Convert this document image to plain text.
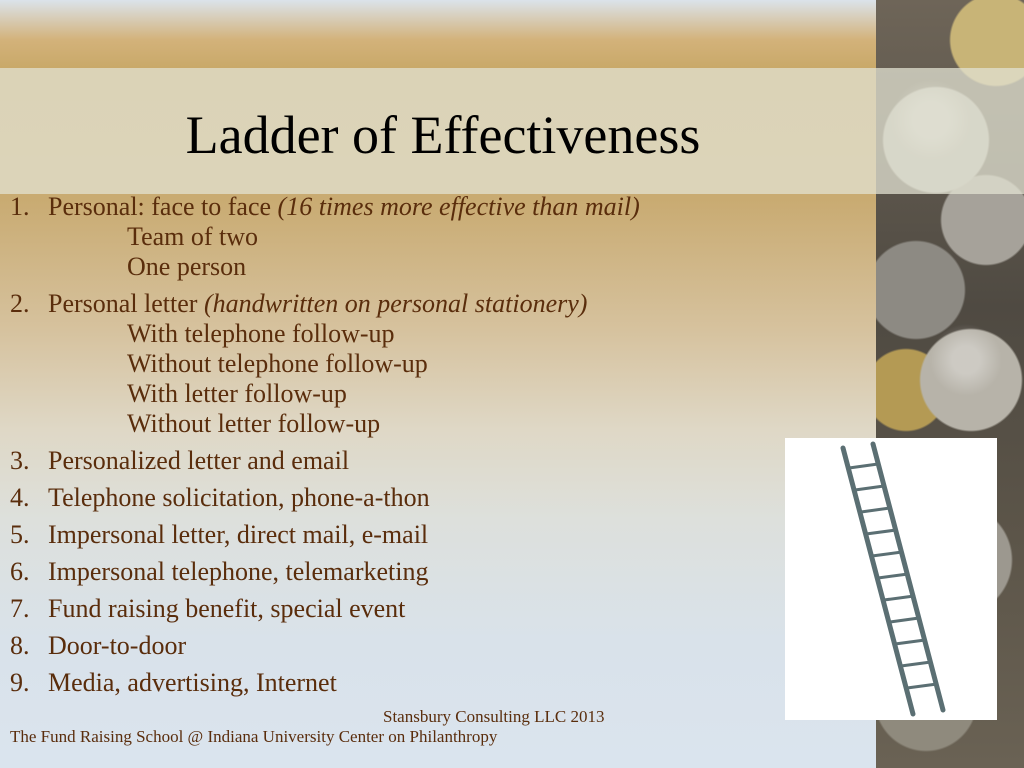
Ladder of Effectiveness
1. Personal: face to face (16 times more effective than mail)
Team of two
One person
2. Personal letter (handwritten on personal stationery)
With telephone follow-up
Without telephone follow-up
With letter follow-up
Without letter follow-up
3. Personalized letter and email
4. Telephone solicitation, phone-a-thon
5. Impersonal letter, direct mail, e-mail
6. Impersonal telephone, telemarketing
7. Fund raising benefit, special event
8. Door-to-door
9. Media, advertising, Internet
Stansbury Consulting LLC 2013
The Fund Raising School @ Indiana University Center on Philanthropy
